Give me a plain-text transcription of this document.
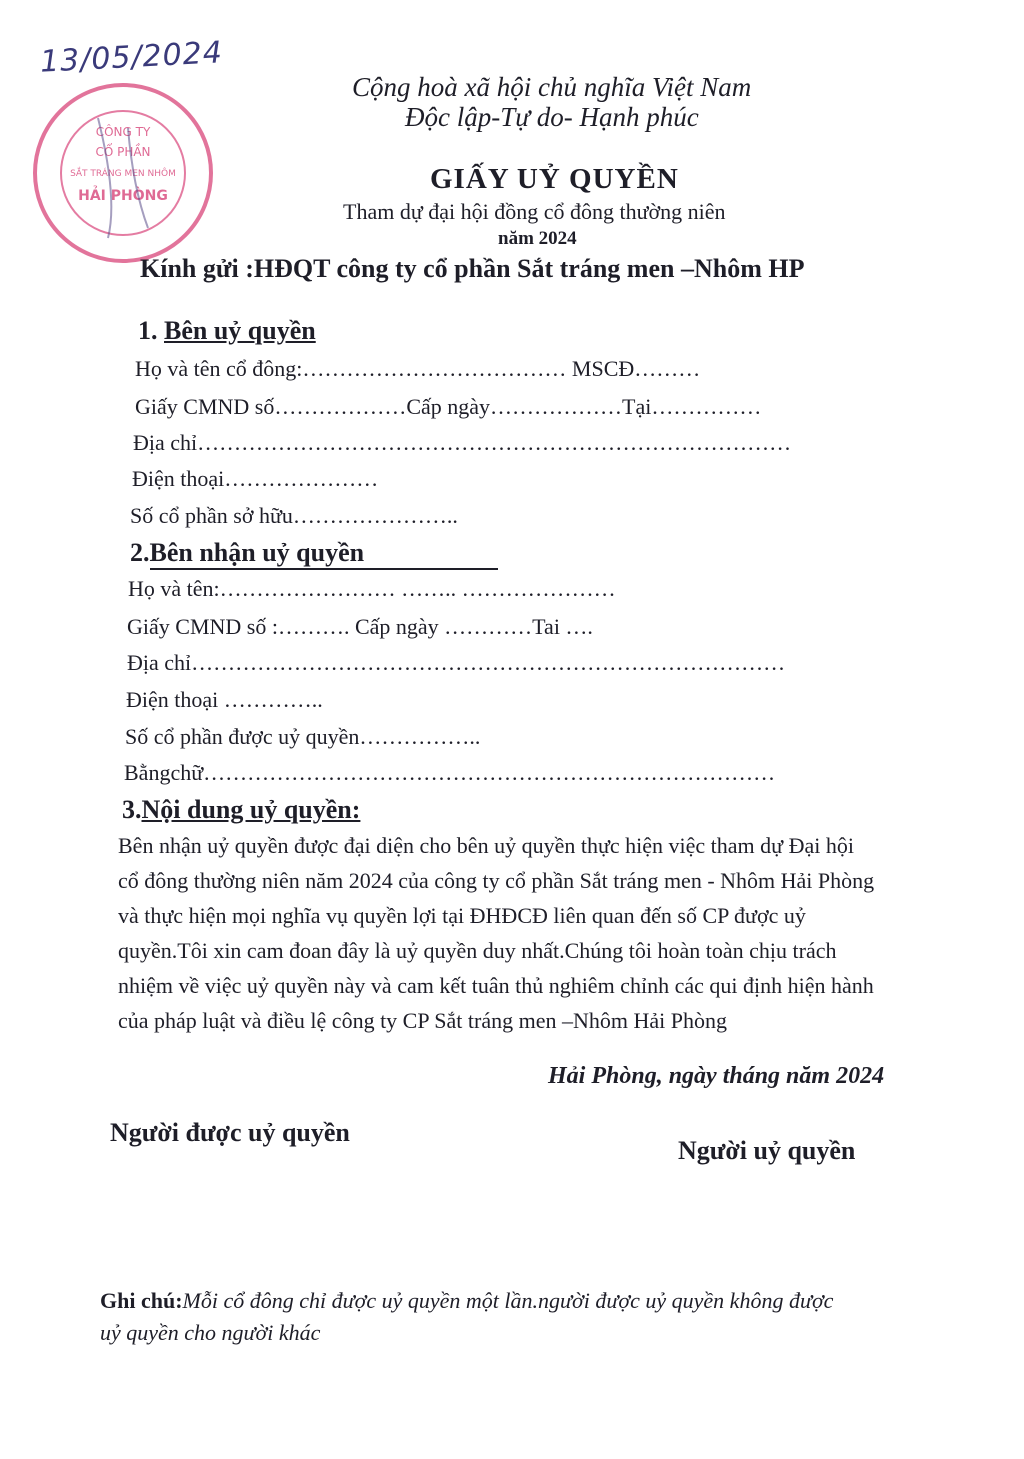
13/05/2024
CÔNG TY
CỔ PHẦN
SẮT TRÁNG MEN NHÔM
HẢI PHÒNG
Cộng hoà xã hội chủ nghĩa Việt Nam
Độc lập-Tự do- Hạnh phúc
GIẤY UỶ QUYỀN
Tham dự đại hội đồng cổ đông thường niên
năm 2024
Kính gửi :HĐQT công ty cổ phần Sắt tráng men –Nhôm HP
1. Bên uỷ quyền
Họ và tên cổ đông:……………………………… MSCĐ………
Giấy CMND số………………Cấp ngày………………Tại……………
Địa chỉ………………………………………………………………………
Điện thoại…………………
Số cổ phần sở hữu…………………..
2.Bên nhận uỷ quyền
Họ và tên:…………………… …….. …………………
Giấy CMND số :………. Cấp ngày …………Tai ….
Địa chỉ………………………………………………………………………
Điện thoại …………..
Số cổ phần được uỷ quyền……………..
Bằngchữ……………………………………………………………………
3.Nội dung uỷ quyền:
Bên nhận uỷ quyền được đại diện cho bên uỷ quyền thực hiện việc tham dự Đại hội
cổ đông thường niên năm 2024 của công ty cổ phần Sắt tráng men - Nhôm Hải Phòng
và thực hiện mọi nghĩa vụ quyền lợi tại ĐHĐCĐ liên quan đến số CP được uỷ
quyền.Tôi xin cam đoan đây là uỷ quyền duy nhất.Chúng tôi hoàn toàn chịu trách
nhiệm về việc uỷ quyền này và cam kết tuân thủ nghiêm chỉnh các qui định hiện hành
của pháp luật và điều lệ công ty CP Sắt tráng men –Nhôm Hải Phòng
Hải Phòng, ngày tháng năm 2024
Người được uỷ quyền
Người uỷ quyền
Ghi chú:Mỗi cổ đông chỉ được uỷ quyền một lần.người được uỷ quyền không được
uỷ quyền cho người khác
